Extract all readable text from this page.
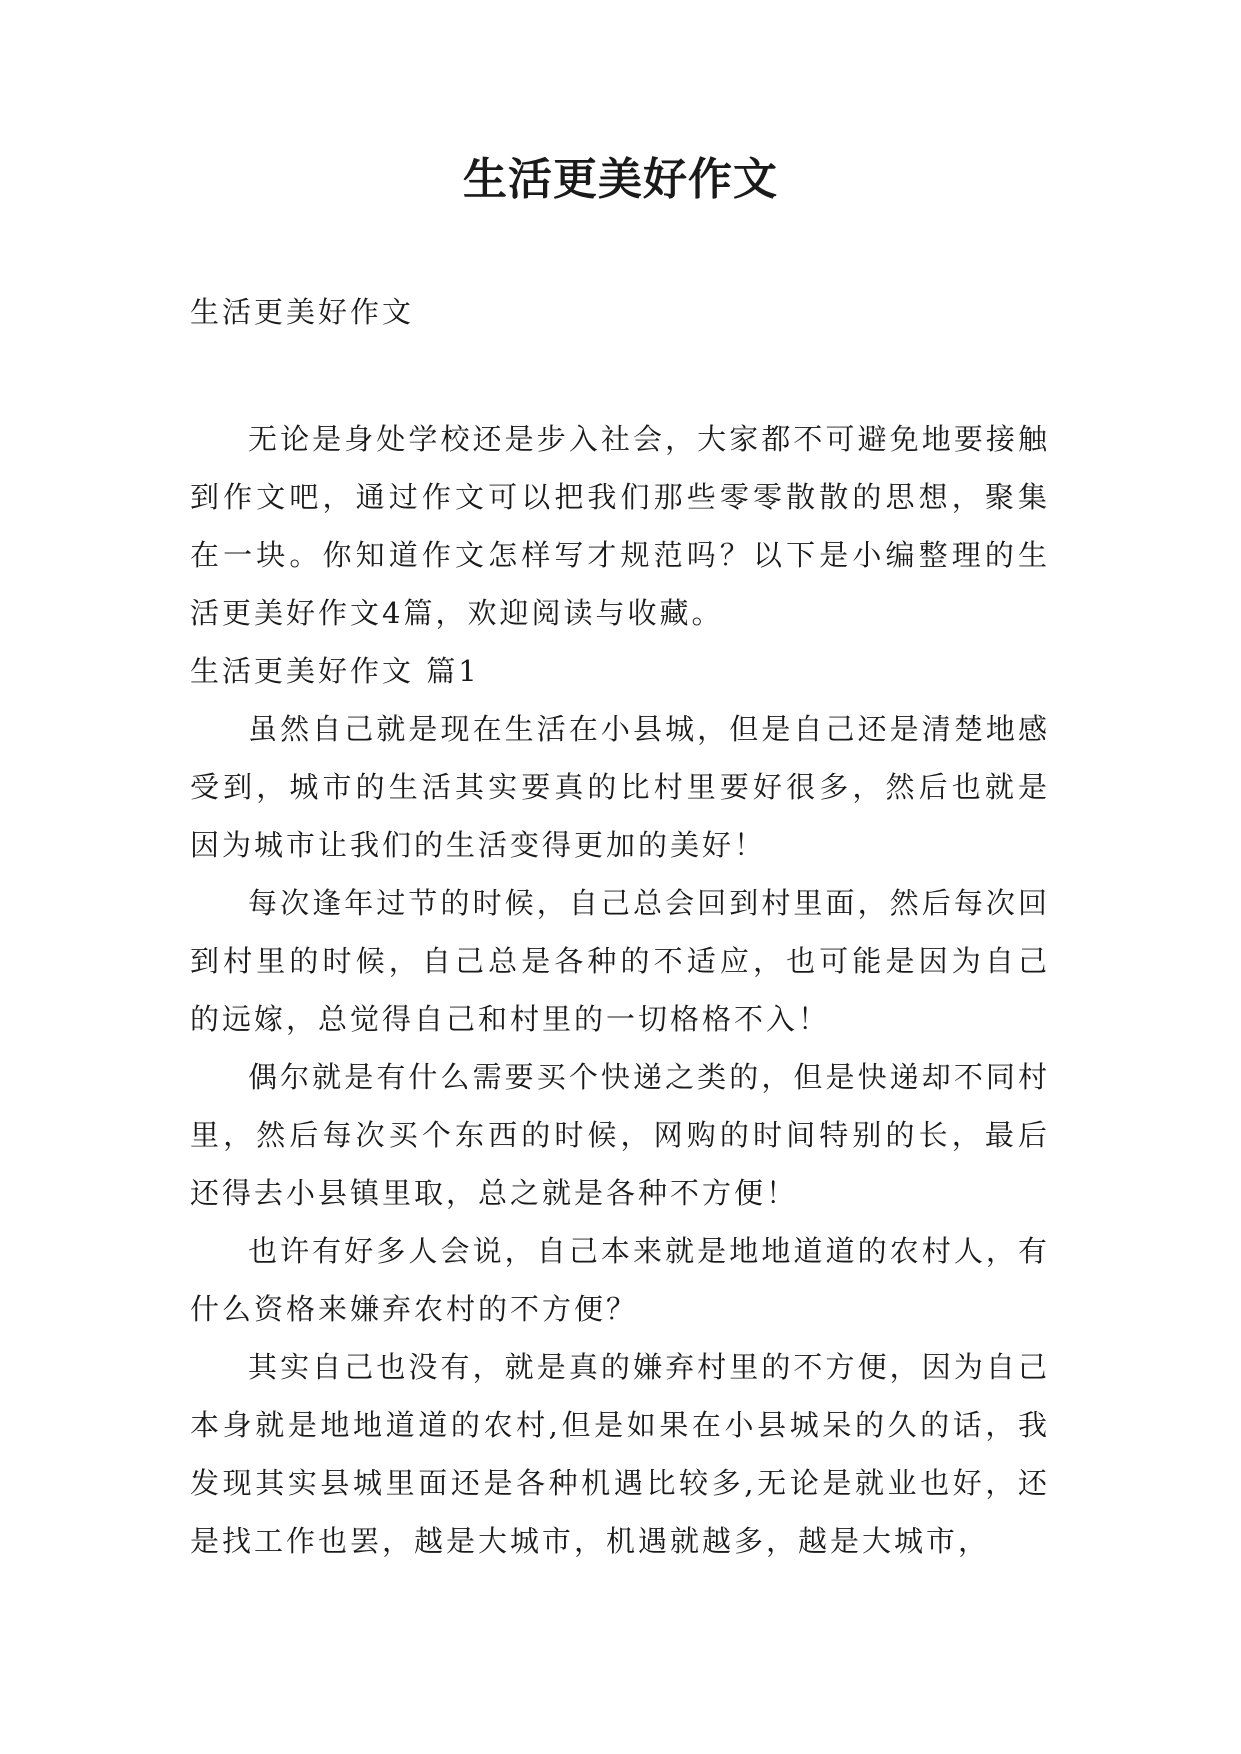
生活更美好作文

生活更美好作文

无论是身处学校还是步入社会，大家都不可避免地要接触到作文吧，通过作文可以把我们那些零零散散的思想，聚集在一块。你知道作文怎样写才规范吗？以下是小编整理的生活更美好作文4篇，欢迎阅读与收藏。

生活更美好作文 篇1

虽然自己就是现在生活在小县城，但是自己还是清楚地感受到，城市的生活其实要真的比村里要好很多，然后也就是因为城市让我们的生活变得更加的美好！

每次逢年过节的时候，自己总会回到村里面，然后每次回到村里的时候，自己总是各种的不适应，也可能是因为自己的远嫁，总觉得自己和村里的一切格格不入！

偶尔就是有什么需要买个快递之类的，但是快递却不同村里，然后每次买个东西的时候，网购的时间特别的长，最后还得去小县镇里取，总之就是各种不方便！

也许有好多人会说，自己本来就是地地道道的农村人，有什么资格来嫌弃农村的不方便？

其实自己也没有，就是真的嫌弃村里的不方便，因为自己本身就是地地道道的农村,但是如果在小县城呆的久的话，我发现其实县城里面还是各种机遇比较多,无论是就业也好，还是找工作也罢，越是大城市，机遇就越多，越是大城市，
